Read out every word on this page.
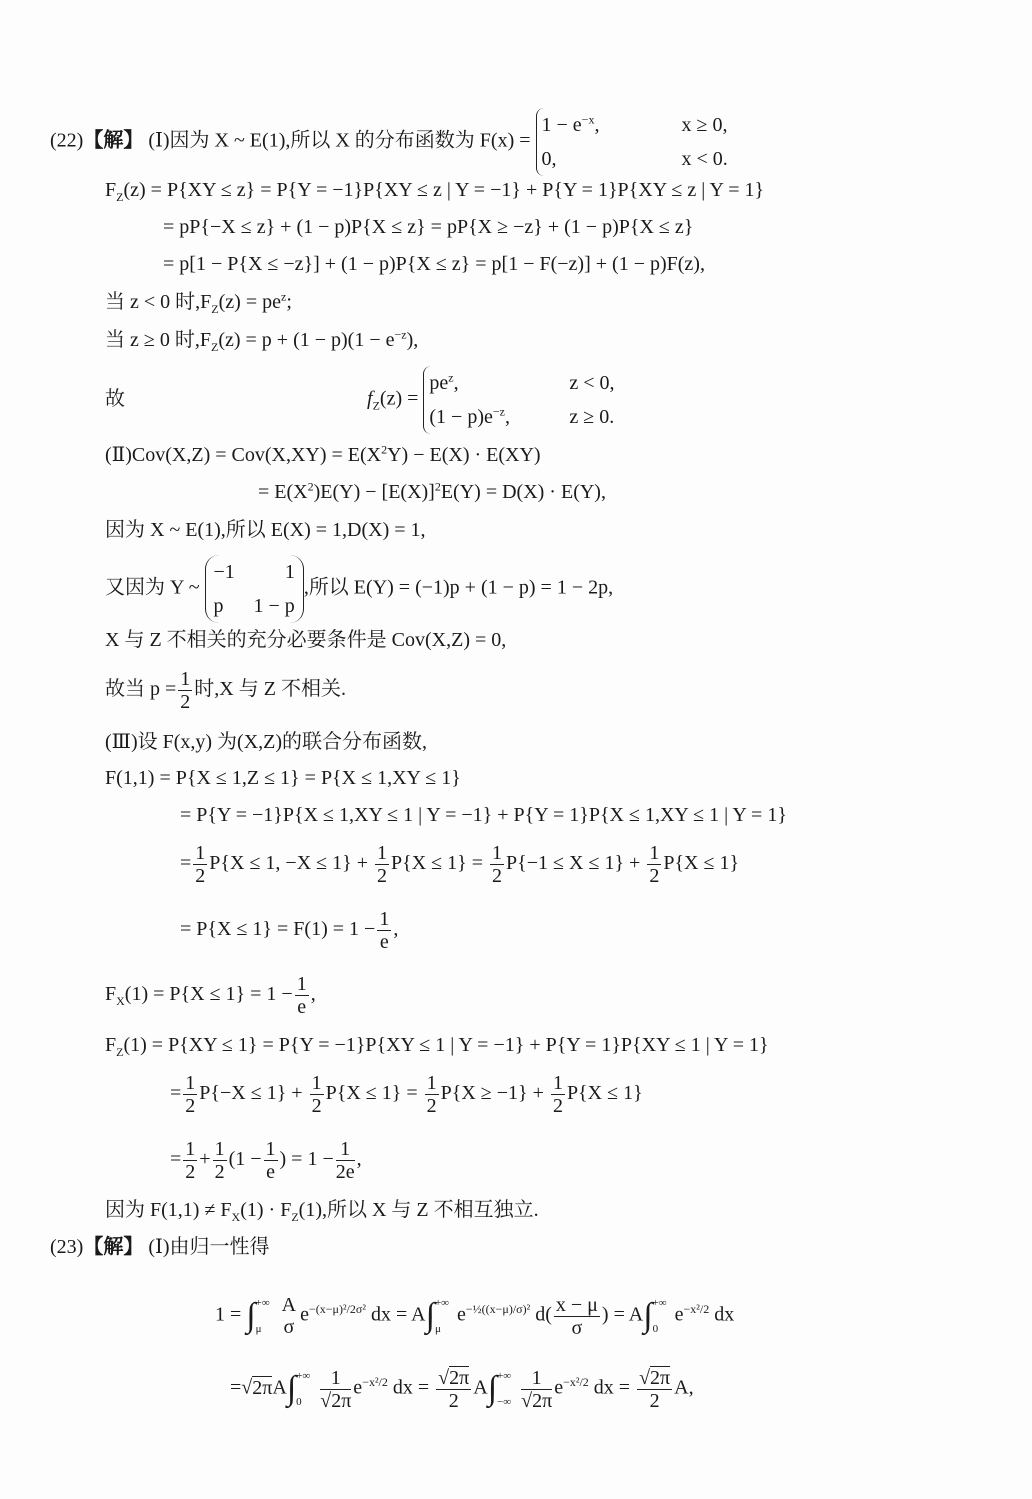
(22)【解】 (Ⅰ)因为 X ~ E(1),所以 X 的分布函数为 F(x) =
$1 - e^{-x}$,	x ≥ 0,
0,	x < 0.
$F_Z(z) = P\{XY \le z\} = P\{Y = -1\}P\{XY \le z$ | Y = −1} + P{Y = 1}P{XY ≤ z | Y = 1}
= pP{−X ≤ z} + (1 − p)P{X ≤ z} = pP{X ≥ −z} + (1 − p)P{X ≤ z}
= p[1 − P{X ≤ −z}] + (1 − p)P{X ≤ z} = p[1 − F(−z)] + (1 − p)F(z),
当 z < 0 时$,F_Z(z) = pe^z$;
当 z ≥ 0 时$,F_Z(z) = p + (1 - p)(1 - e^{-z})$,
故	$f_Z(z)$ =
$pe^z$,	z < 0,
$(1 - p)e^{-z}$,	z ≥ 0.
(Ⅱ)Cov(X,Z) = $Cov(X,XY) = E(X^2Y) - E(X) \cdot E(XY)$
= $E(X^2)E(Y) - [E(X)]^2E(Y) = D(X) \cdot E(Y)$,
因为 X ~ E(1),所以 E(X) = 1,D(X) = 1,
又因为 Y ~
−1	1
p 1 − p
,所以 E(Y) = (−1)p + (1 − p) = 1 − 2p,
X 与 Z 不相关的充分必要条件是 Cov(X,Z) = 0,
故当 $p = \frac{1}{2}$ 时,X 与 Z 不相关.
(Ⅲ)设 F(x,y) 为(X,Z)的联合分布函数,
F(1,1) = P{X ≤ 1,Z ≤ 1} = P{X ≤ 1,XY ≤ 1}
= P{Y = −1}P{X ≤ 1,XY ≤ 1 | Y = −1} + P{Y = 1}P{X ≤ 1,XY ≤ 1 | Y = 1}
= $\frac{1}{2} P\{X \le 1$, $-X \le 1\} + \frac{1}{2} P\{X \le 1\} = \frac{1}{2} P\{-1 \le X \le 1\} + \frac{1}{2} P\{X \le 1\}$
= $P\{X \le 1\} = F(1) = 1 - \frac{1}{e}$ ,
$F_X(1) = P\{X \le 1\} = 1 - \frac{1}{e}$ ,
$F_Z(1) = P\{XY \le 1\} = P\{Y = -1\}P\{XY \le 1$ | Y = −1} + P{Y = 1}P{XY ≤ 1 | Y = 1}
= $\frac{1}{2} P\{-X \le 1\} + \frac{1}{2} P\{X \le 1\} = \frac{1}{2} P\{X \ge -1\} + \frac{1}{2} P\{X \le 1\}$
= $\frac{1}{2} + \frac{1}{2} (1 - \frac{1}{e}$ ) = $1 - \frac{1}{2e}$ ,
因为 $F(1,1) \ne F_X(1) \cdot F_Z(1)$,所以 X 与 Z 不相互独立.
(23)【解】 (Ⅰ)由归一性得
1 = ∫ +∞
μ
A
σ
$e^{-(x-\mu)^2/2\sigma^2}$ dx = A∫ +∞
μ
$e^{-\frac{1}{2}((x-\mu)/\sigma)^2}$ $d( \frac{x - \mu}{\sigma}$ ) = A∫ +∞
0
$e^{-x^2/2}$ dx
=√2πA∫ +∞
$0 \frac{1}{√2\pi} e^{-x^2/2}$ dx = $\frac{√2\pi}{2} A\int$ +∞
−∞ $\frac{1}{√2\pi} e^{-x^2/2}$ dx = $\frac{√2\pi}{2} A$,
